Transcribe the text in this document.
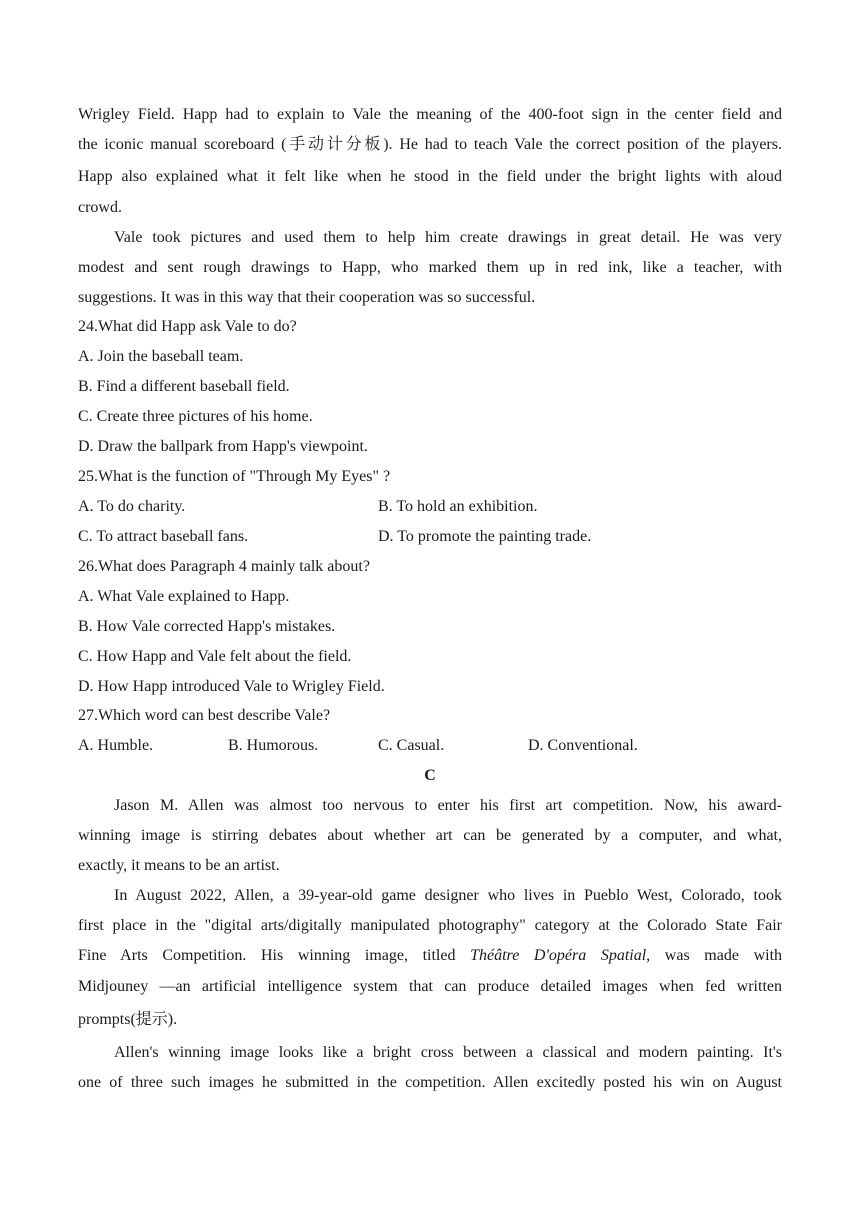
Wrigley Field. Happ had to explain to Vale the meaning of the 400-foot sign in the center field and
the iconic manual scoreboard (手动计分板). He had to teach Vale the correct position of the players.
Happ also explained what it felt like when he stood in the field under the bright lights with aloud
crowd.
Vale took pictures and used them to help him create drawings in great detail. He was very
modest and sent rough drawings to Happ, who marked them up in red ink, like a teacher, with
suggestions. It was in this way that their cooperation was so successful.
24.What did Happ ask Vale to do?
A. Join the baseball team.
B. Find a different baseball field.
C. Create three pictures of his home.
D. Draw the ballpark from Happ's viewpoint.
25.What is the function of "Through My Eyes" ?
A. To do charity.	B. To hold an exhibition.
C. To attract baseball fans.	D. To promote the painting trade.
26.What does Paragraph 4 mainly talk about?
A. What Vale explained to Happ.
B. How Vale corrected Happ's mistakes.
C. How Happ and Vale felt about the field.
D. How Happ introduced Vale to Wrigley Field.
27.Which word can best describe Vale?
A. Humble.	B. Humorous.	C. Casual.	D. Conventional.
C
Jason M. Allen was almost too nervous to enter his first art competition. Now, his award-
winning image is stirring debates about whether art can be generated by a computer, and what,
exactly, it means to be an artist.
In August 2022, Allen, a 39-year-old game designer who lives in Pueblo West, Colorado, took
first place in the "digital arts/digitally manipulated photography" category at the Colorado State Fair
Fine Arts Competition. His winning image, titled Théâtre D'opéra Spatial, was made with
Midjouney —an artificial intelligence system that can produce detailed images when fed written
prompts(提示).
Allen's winning image looks like a bright cross between a classical and modern painting. It's
one of three such images he submitted in the competition. Allen excitedly posted his win on August
